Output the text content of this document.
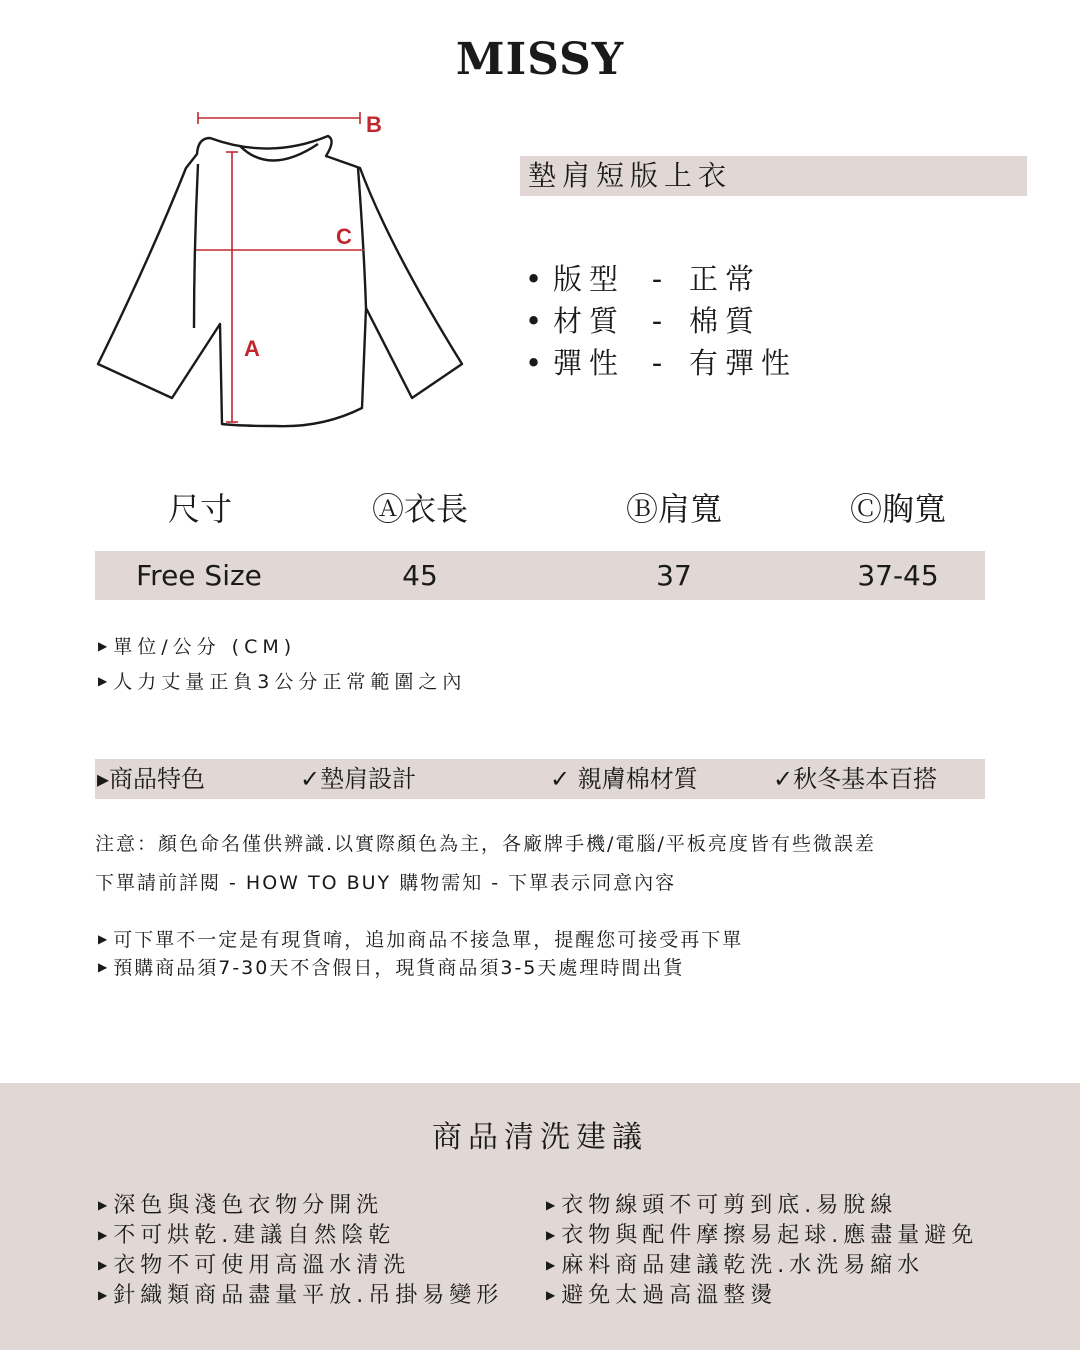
MISSY
B
C
A
墊肩短版上衣
• 版型 - 正常
• 材質 - 棉質
• 彈性 - 有彈性
尺寸	Ⓐ衣長	Ⓑ肩寬	Ⓒ胸寬
Free Size	45	37	37-45
▶ 單位/公分 (CM)
▶ 人力丈量正負3公分正常範圍之內
▸商品特色	✓墊肩設計	✓ 親膚棉材質	✓秋冬基本百搭
注意：顏色命名僅供辨識.以實際顏色為主，各廠牌手機/電腦/平板亮度皆有些微誤差
下單請前詳閱 - HOW TO BUY 購物需知 - 下單表示同意內容
▶ 可下單不一定是有現貨唷，追加商品不接急單，提醒您可接受再下單
▶ 預購商品須7-30天不含假日，現貨商品須3-5天處理時間出貨
商品清洗建議
▶ 深色與淺色衣物分開洗
▶ 不可烘乾.建議自然陰乾
▶ 衣物不可使用高溫水清洗
▶ 針織類商品盡量平放.吊掛易變形
▶ 衣物線頭不可剪到底.易脫線
▶ 衣物與配件摩擦易起球.應盡量避免
▶ 麻料商品建議乾洗.水洗易縮水
▶ 避免太過高溫整燙
